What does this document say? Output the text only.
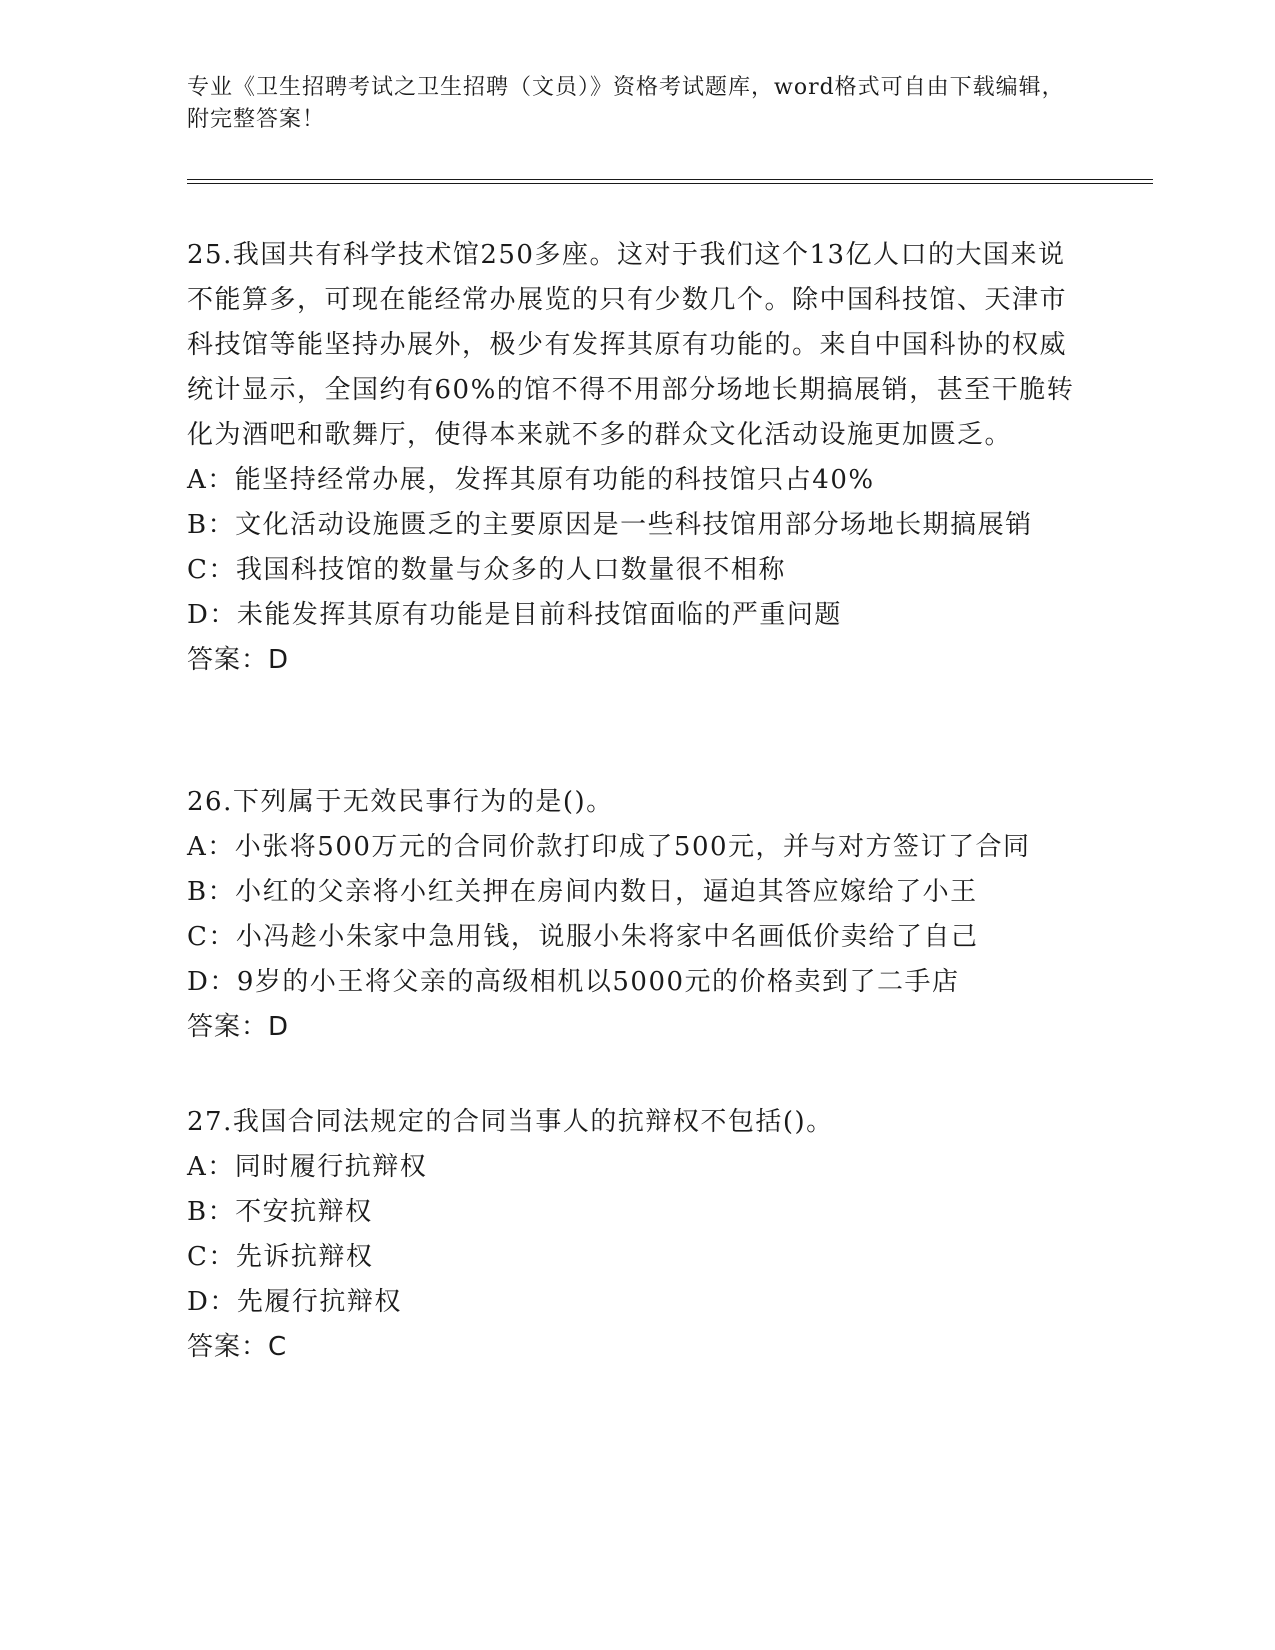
专业《卫生招聘考试之卫生招聘（文员）》资格考试题库，word格式可自由下载编辑，附完整答案！

25.我国共有科学技术馆250多座。这对于我们这个13亿人口的大国来说不能算多，可现在能经常办展览的只有少数几个。除中国科技馆、天津市科技馆等能坚持办展外，极少有发挥其原有功能的。来自中国科协的权威统计显示，全国约有60%的馆不得不用部分场地长期搞展销，甚至干脆转化为酒吧和歌舞厅，使得本来就不多的群众文化活动设施更加匮乏。

A：能坚持经常办展，发挥其原有功能的科技馆只占40%

B：文化活动设施匮乏的主要原因是一些科技馆用部分场地长期搞展销

C：我国科技馆的数量与众多的人口数量很不相称

D：未能发挥其原有功能是目前科技馆面临的严重问题

答案：D

26.下列属于无效民事行为的是()。

A：小张将500万元的合同价款打印成了500元，并与对方签订了合同

B：小红的父亲将小红关押在房间内数日，逼迫其答应嫁给了小王

C：小冯趁小朱家中急用钱，说服小朱将家中名画低价卖给了自己

D：9岁的小王将父亲的高级相机以5000元的价格卖到了二手店

答案：D

27.我国合同法规定的合同当事人的抗辩权不包括()。

A：同时履行抗辩权

B：不安抗辩权

C：先诉抗辩权

D：先履行抗辩权

答案：C
